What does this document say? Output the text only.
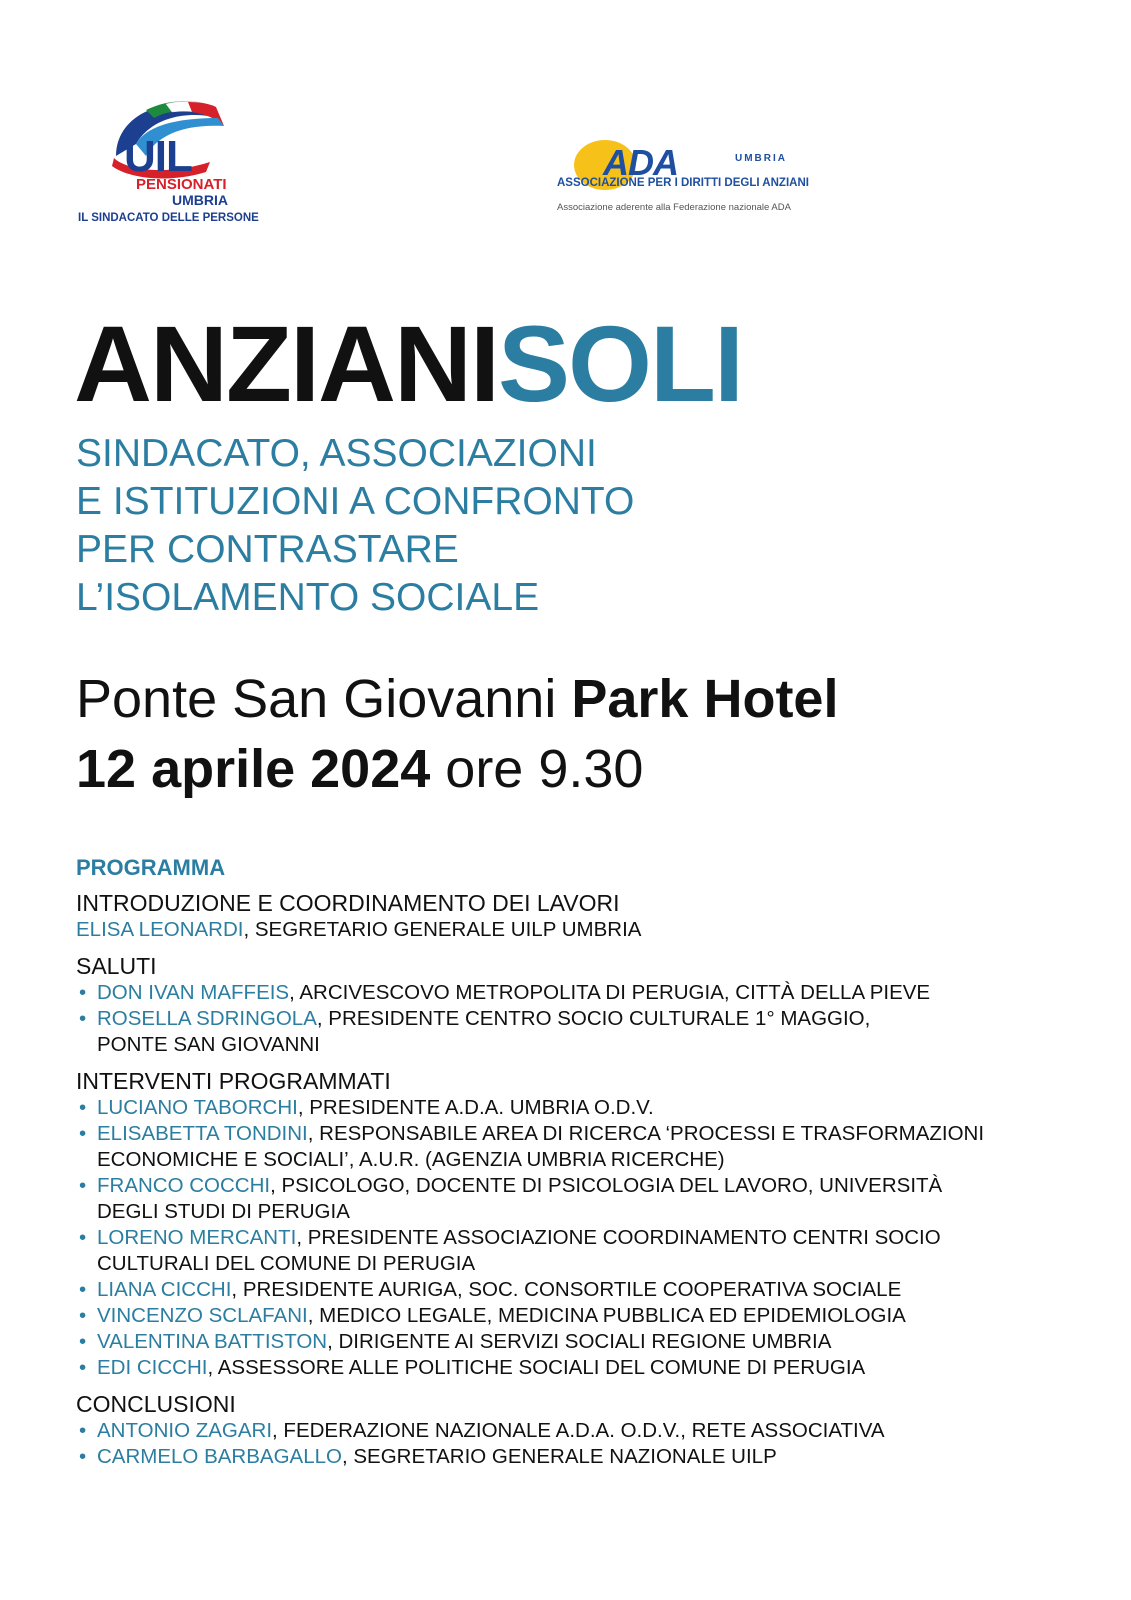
UIL
PENSIONATI
UMBRIA
IL SINDACATO DELLE PERSONE
ADA	UMBRIA
ASSOCIAZIONE PER I DIRITTI DEGLI ANZIANI
Associazione aderente alla Federazione nazionale ADA
ANZIANISOLI
SINDACATO, ASSOCIAZIONI
E ISTITUZIONI A CONFRONTO
PER CONTRASTARE
L’ISOLAMENTO SOCIALE
Ponte San Giovanni Park Hotel
12 aprile 2024 ore 9.30
PROGRAMMA
INTRODUZIONE E COORDINAMENTO DEI LAVORI
ELISA LEONARDI, SEGRETARIO GENERALE UILP UMBRIA
SALUTI
• DON IVAN MAFFEIS, ARCIVESCOVO METROPOLITA DI PERUGIA, CITTÀ DELLA PIEVE
• ROSELLA SDRINGOLA, PRESIDENTE CENTRO SOCIO CULTURALE 1° MAGGIO,
PONTE SAN GIOVANNI
INTERVENTI PROGRAMMATI
• LUCIANO TABORCHI, PRESIDENTE A.D.A. UMBRIA O.D.V.
• ELISABETTA TONDINI, RESPONSABILE AREA DI RICERCA ‘PROCESSI E TRASFORMAZIONI
ECONOMICHE E SOCIALI’, A.U.R. (AGENZIA UMBRIA RICERCHE)
• FRANCO COCCHI, PSICOLOGO, DOCENTE DI PSICOLOGIA DEL LAVORO, UNIVERSITÀ
DEGLI STUDI DI PERUGIA
• LORENO MERCANTI, PRESIDENTE ASSOCIAZIONE COORDINAMENTO CENTRI SOCIO
CULTURALI DEL COMUNE DI PERUGIA
• LIANA CICCHI, PRESIDENTE AURIGA, SOC. CONSORTILE COOPERATIVA SOCIALE
• VINCENZO SCLAFANI, MEDICO LEGALE, MEDICINA PUBBLICA ED EPIDEMIOLOGIA
• VALENTINA BATTISTON, DIRIGENTE AI SERVIZI SOCIALI REGIONE UMBRIA
• EDI CICCHI, ASSESSORE ALLE POLITICHE SOCIALI DEL COMUNE DI PERUGIA
CONCLUSIONI
• ANTONIO ZAGARI, FEDERAZIONE NAZIONALE A.D.A. O.D.V., RETE ASSOCIATIVA
• CARMELO BARBAGALLO, SEGRETARIO GENERALE NAZIONALE UILP
